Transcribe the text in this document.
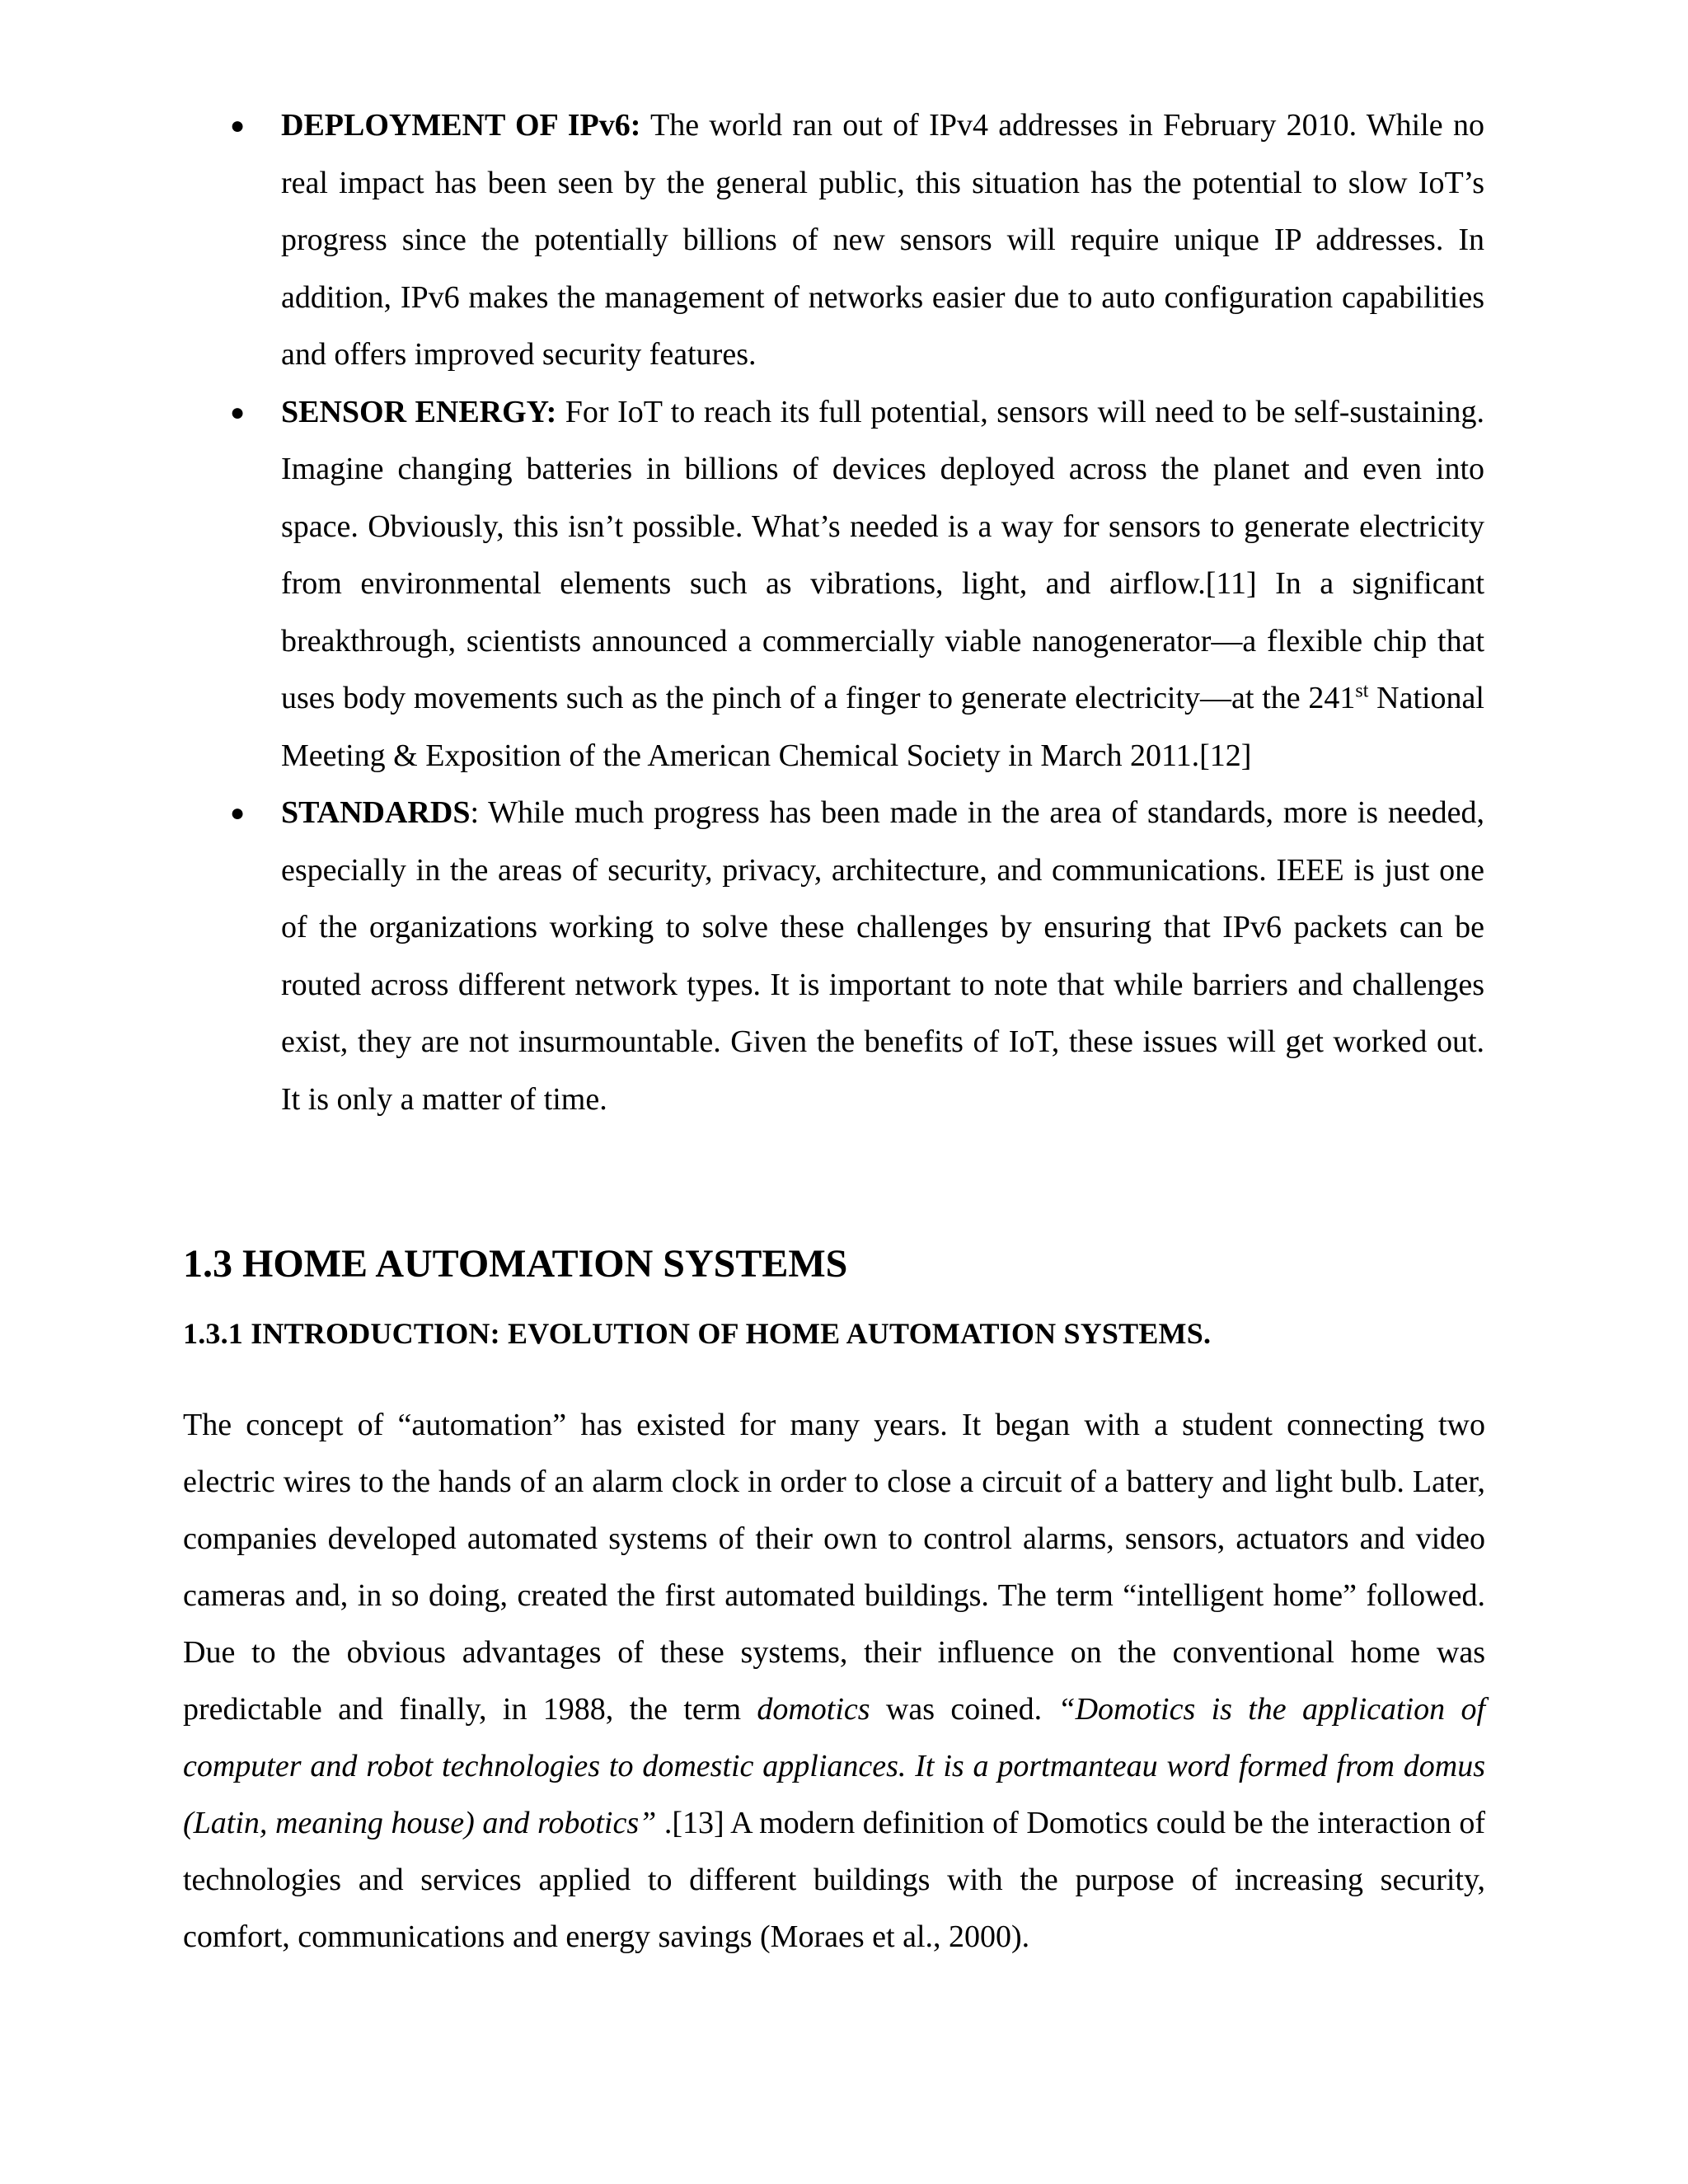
●
DEPLOYMENT OF IPv6: The world ran out of IPv4 addresses in February 2010. While no real impact has been seen by the general public, this situation has the potential to slow IoT’s progress since the potentially billions of new sensors will require unique IP addresses. In addition, IPv6 makes the management of networks easier due to auto configuration capabilities and offers improved security features.
●
SENSOR ENERGY: For IoT to reach its full potential, sensors will need to be self-sustaining. Imagine changing batteries in billions of devices deployed across the planet and even into space. Obviously, this isn’t possible. What’s needed is a way for sensors to generate electricity from environmental elements such as vibrations, light, and airflow.[11] In a significant breakthrough, scientists announced a commercially viable nanogenerator—a flexible chip that uses body movements such as the pinch of a finger to generate electricity—at the 241st National Meeting & Exposition of the American Chemical Society in March 2011.[12]
●
STANDARDS: While much progress has been made in the area of standards, more is needed, especially in the areas of security, privacy, architecture, and communications. IEEE is just one of the organizations working to solve these challenges by ensuring that IPv6 packets can be routed across different network types. It is important to note that while barriers and challenges exist, they are not insurmountable. Given the benefits of IoT, these issues will get worked out. It is only a matter of time.
1.3 HOME AUTOMATION SYSTEMS
1.3.1 INTRODUCTION: EVOLUTION OF HOME AUTOMATION SYSTEMS.

The concept of “automation” has existed for many years. It began with a student connecting two electric wires to the hands of an alarm clock in order to close a circuit of a battery and light bulb. Later, companies developed automated systems of their own to control alarms, sensors, actuators and video cameras and, in so doing, created the first automated buildings. The term “intelligent home” followed. Due to the obvious advantages of these systems, their influence on the conventional home was predictable and finally, in 1988, the term domotics was coined. “Domotics is the application of computer and robot technologies to domestic appliances. It is a portmanteau word formed from domus (Latin, meaning house) and robotics” .[13] A modern definition of Domotics could be the interaction of technologies and services applied to different buildings with the purpose of increasing security, comfort, communications and energy savings (Moraes et al., 2000).
